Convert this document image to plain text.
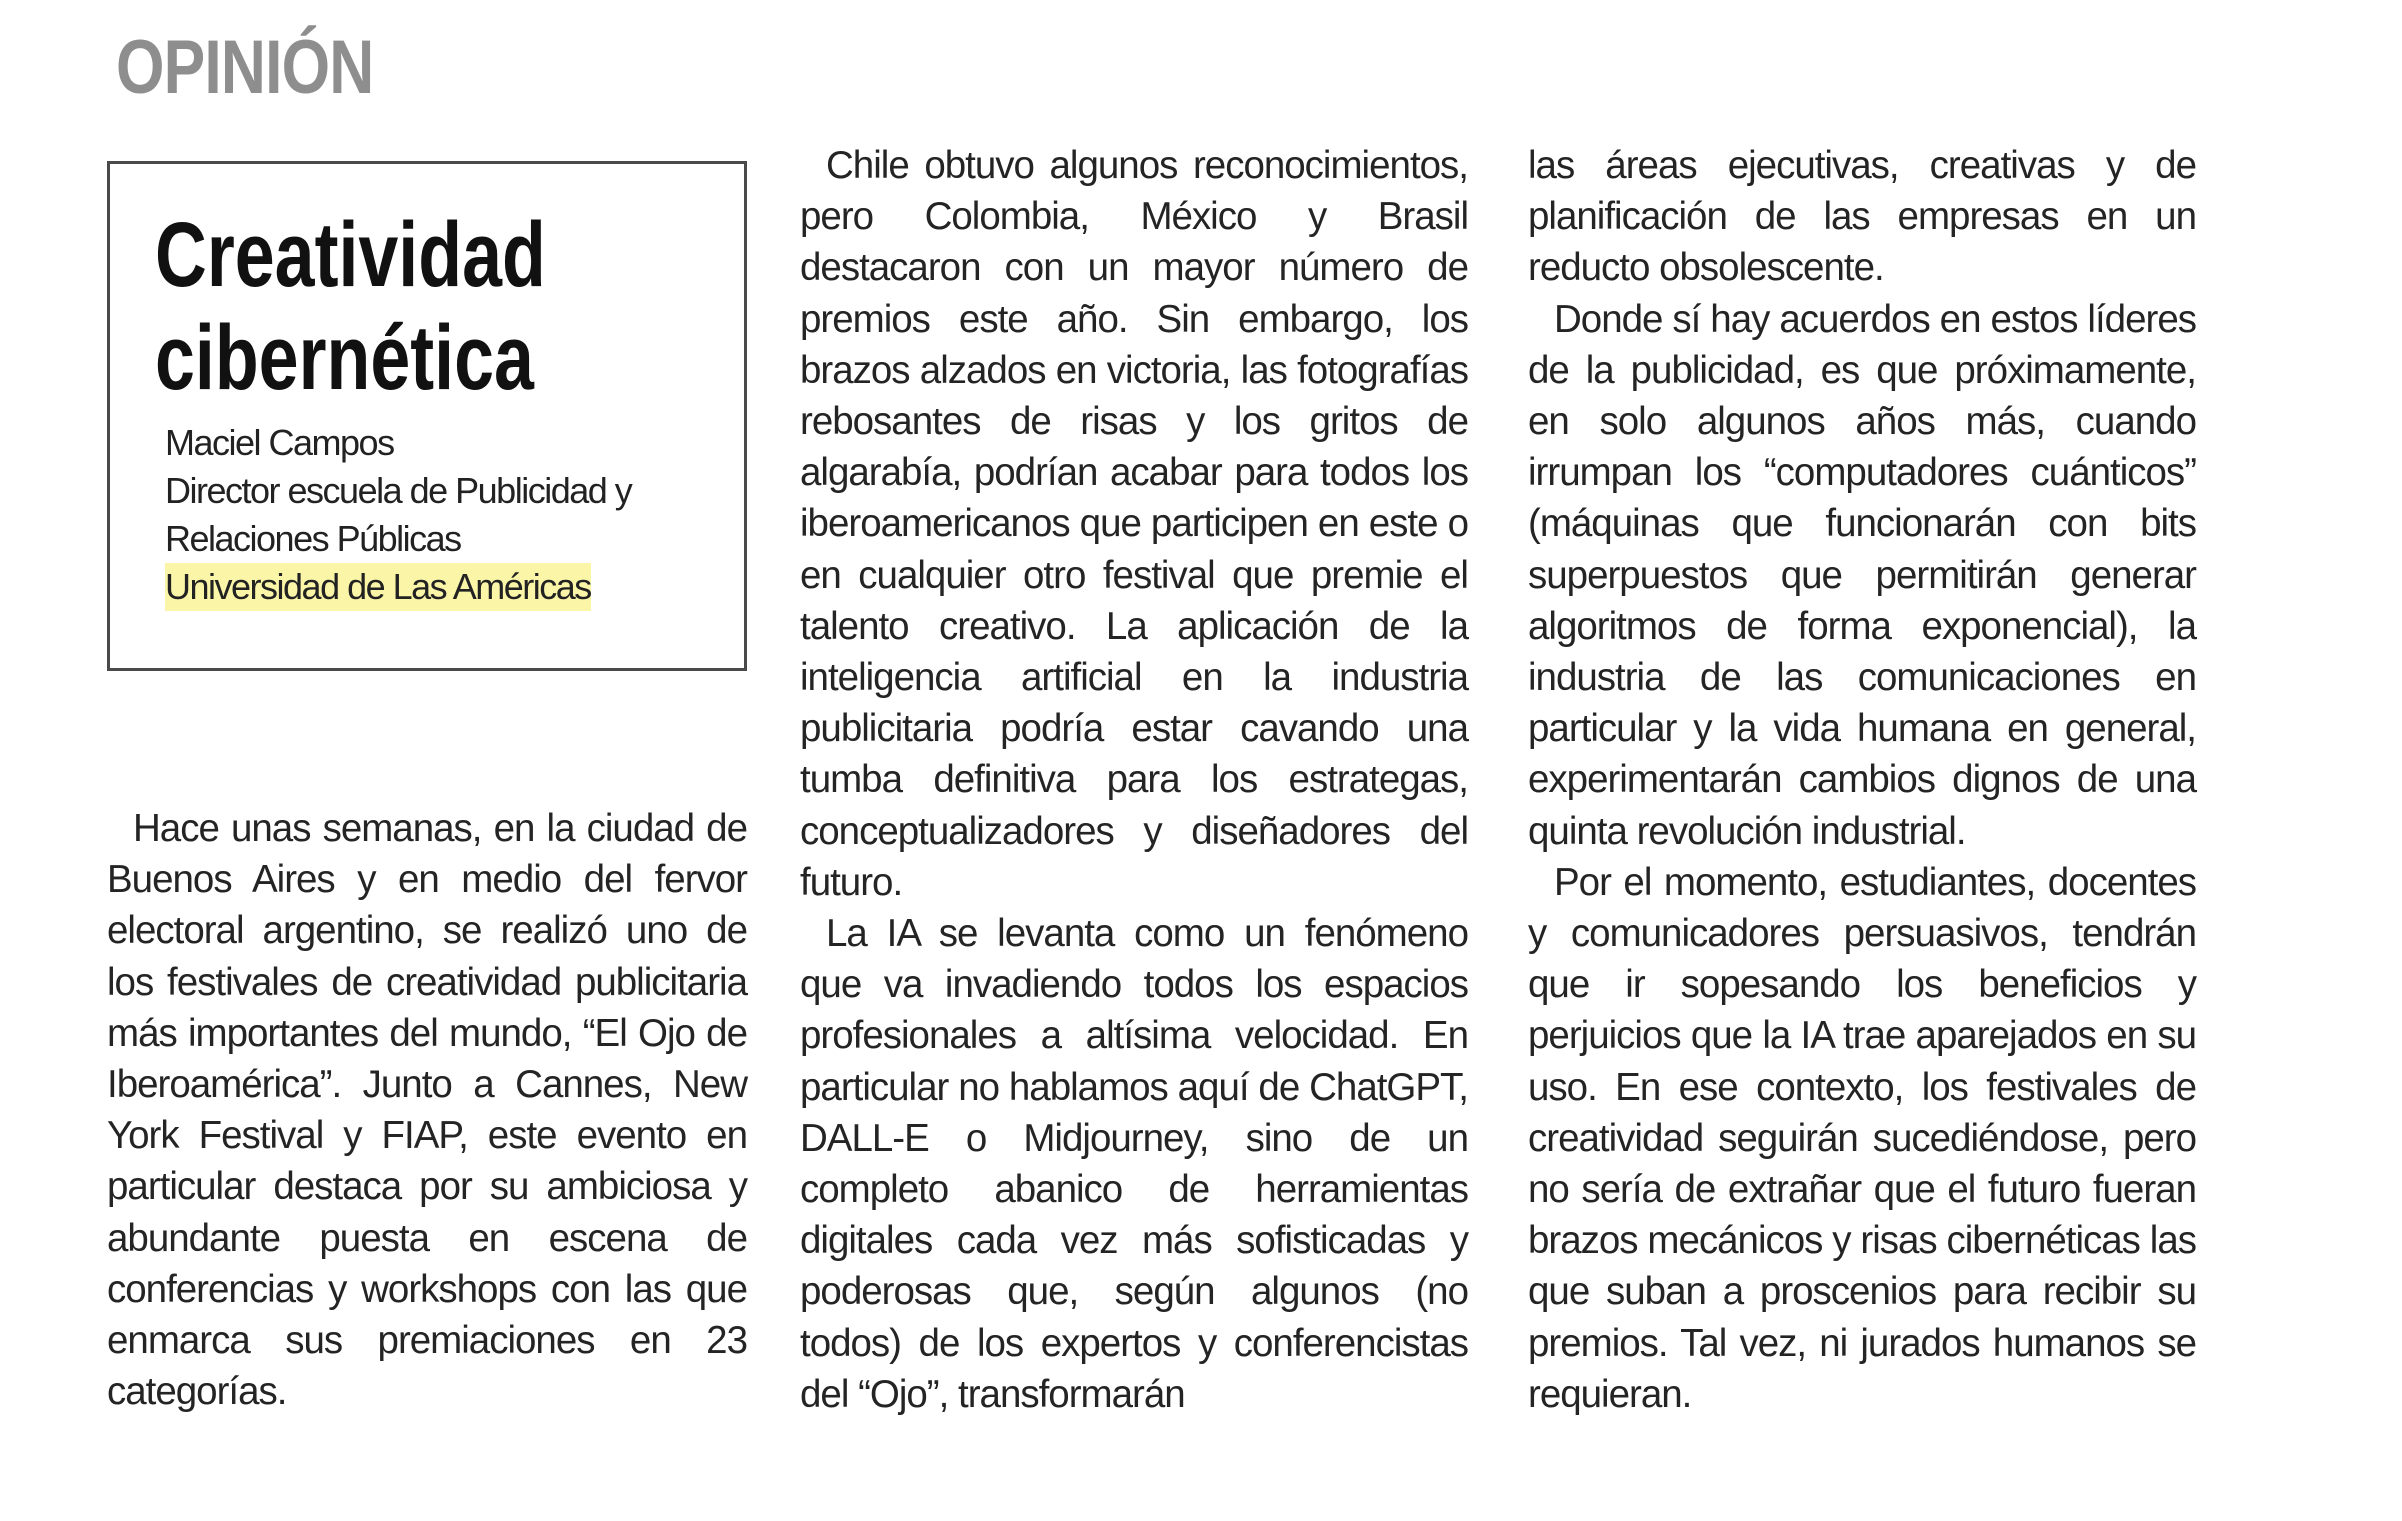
OPINIÓN
Creatividad
cibernética
Maciel Campos
Director escuela de Publicidad y
Relaciones Públicas
Universidad de Las Américas

Hace unas semanas, en la ciudad de Buenos Aires y en medio del fervor electoral argentino, se realizó uno de los festivales de creatividad publicitaria más importantes del mundo, “El Ojo de Iberoamérica”. Junto a Cannes, New York Festival y FIAP, este evento en particular destaca por su ambiciosa y abundante puesta en escena de conferencias y workshops con las que enmarca sus premiaciones en 23 categorías.

Chile obtuvo algunos reconocimientos, pero Colombia, México y Brasil destacaron con un mayor número de premios este año. Sin embargo, los brazos alzados en victoria, las fotografías rebosantes de risas y los gritos de algarabía, podrían acabar para todos los iberoamericanos que participen en este o en cualquier otro festival que premie el talento creativo. La aplicación de la inteligencia artificial en la industria publicitaria podría estar cavando una tumba definitiva para los estrategas, conceptualizadores y diseñadores del futuro.

La IA se levanta como un fenómeno que va invadiendo todos los espacios profesionales a altísima velocidad. En particular no hablamos aquí de ChatGPT, DALL-E o Midjourney, sino de un completo abanico de herramientas digitales cada vez más sofisticadas y poderosas que, según algunos (no todos) de los expertos y conferencistas del “Ojo”, transformarán

las áreas ejecutivas, creativas y de planificación de las empresas en un reducto obsolescente.

Donde sí hay acuerdos en estos líderes de la publicidad, es que próximamente, en solo algunos años más, cuando irrumpan los “computadores cuánticos” (máquinas que funcionarán con bits superpuestos que permitirán generar algoritmos de forma exponencial), la industria de las comunicaciones en particular y la vida humana en general, experimentarán cambios dignos de una quinta revolución industrial.

Por el momento, estudiantes, docentes y comunicadores persuasivos, tendrán que ir sopesando los beneficios y perjuicios que la IA trae aparejados en su uso. En ese contexto, los festivales de creatividad seguirán sucediéndose, pero no sería de extrañar que el futuro fueran brazos mecánicos y risas cibernéticas las que suban a proscenios para recibir su premios. Tal vez, ni jurados humanos se requieran.
